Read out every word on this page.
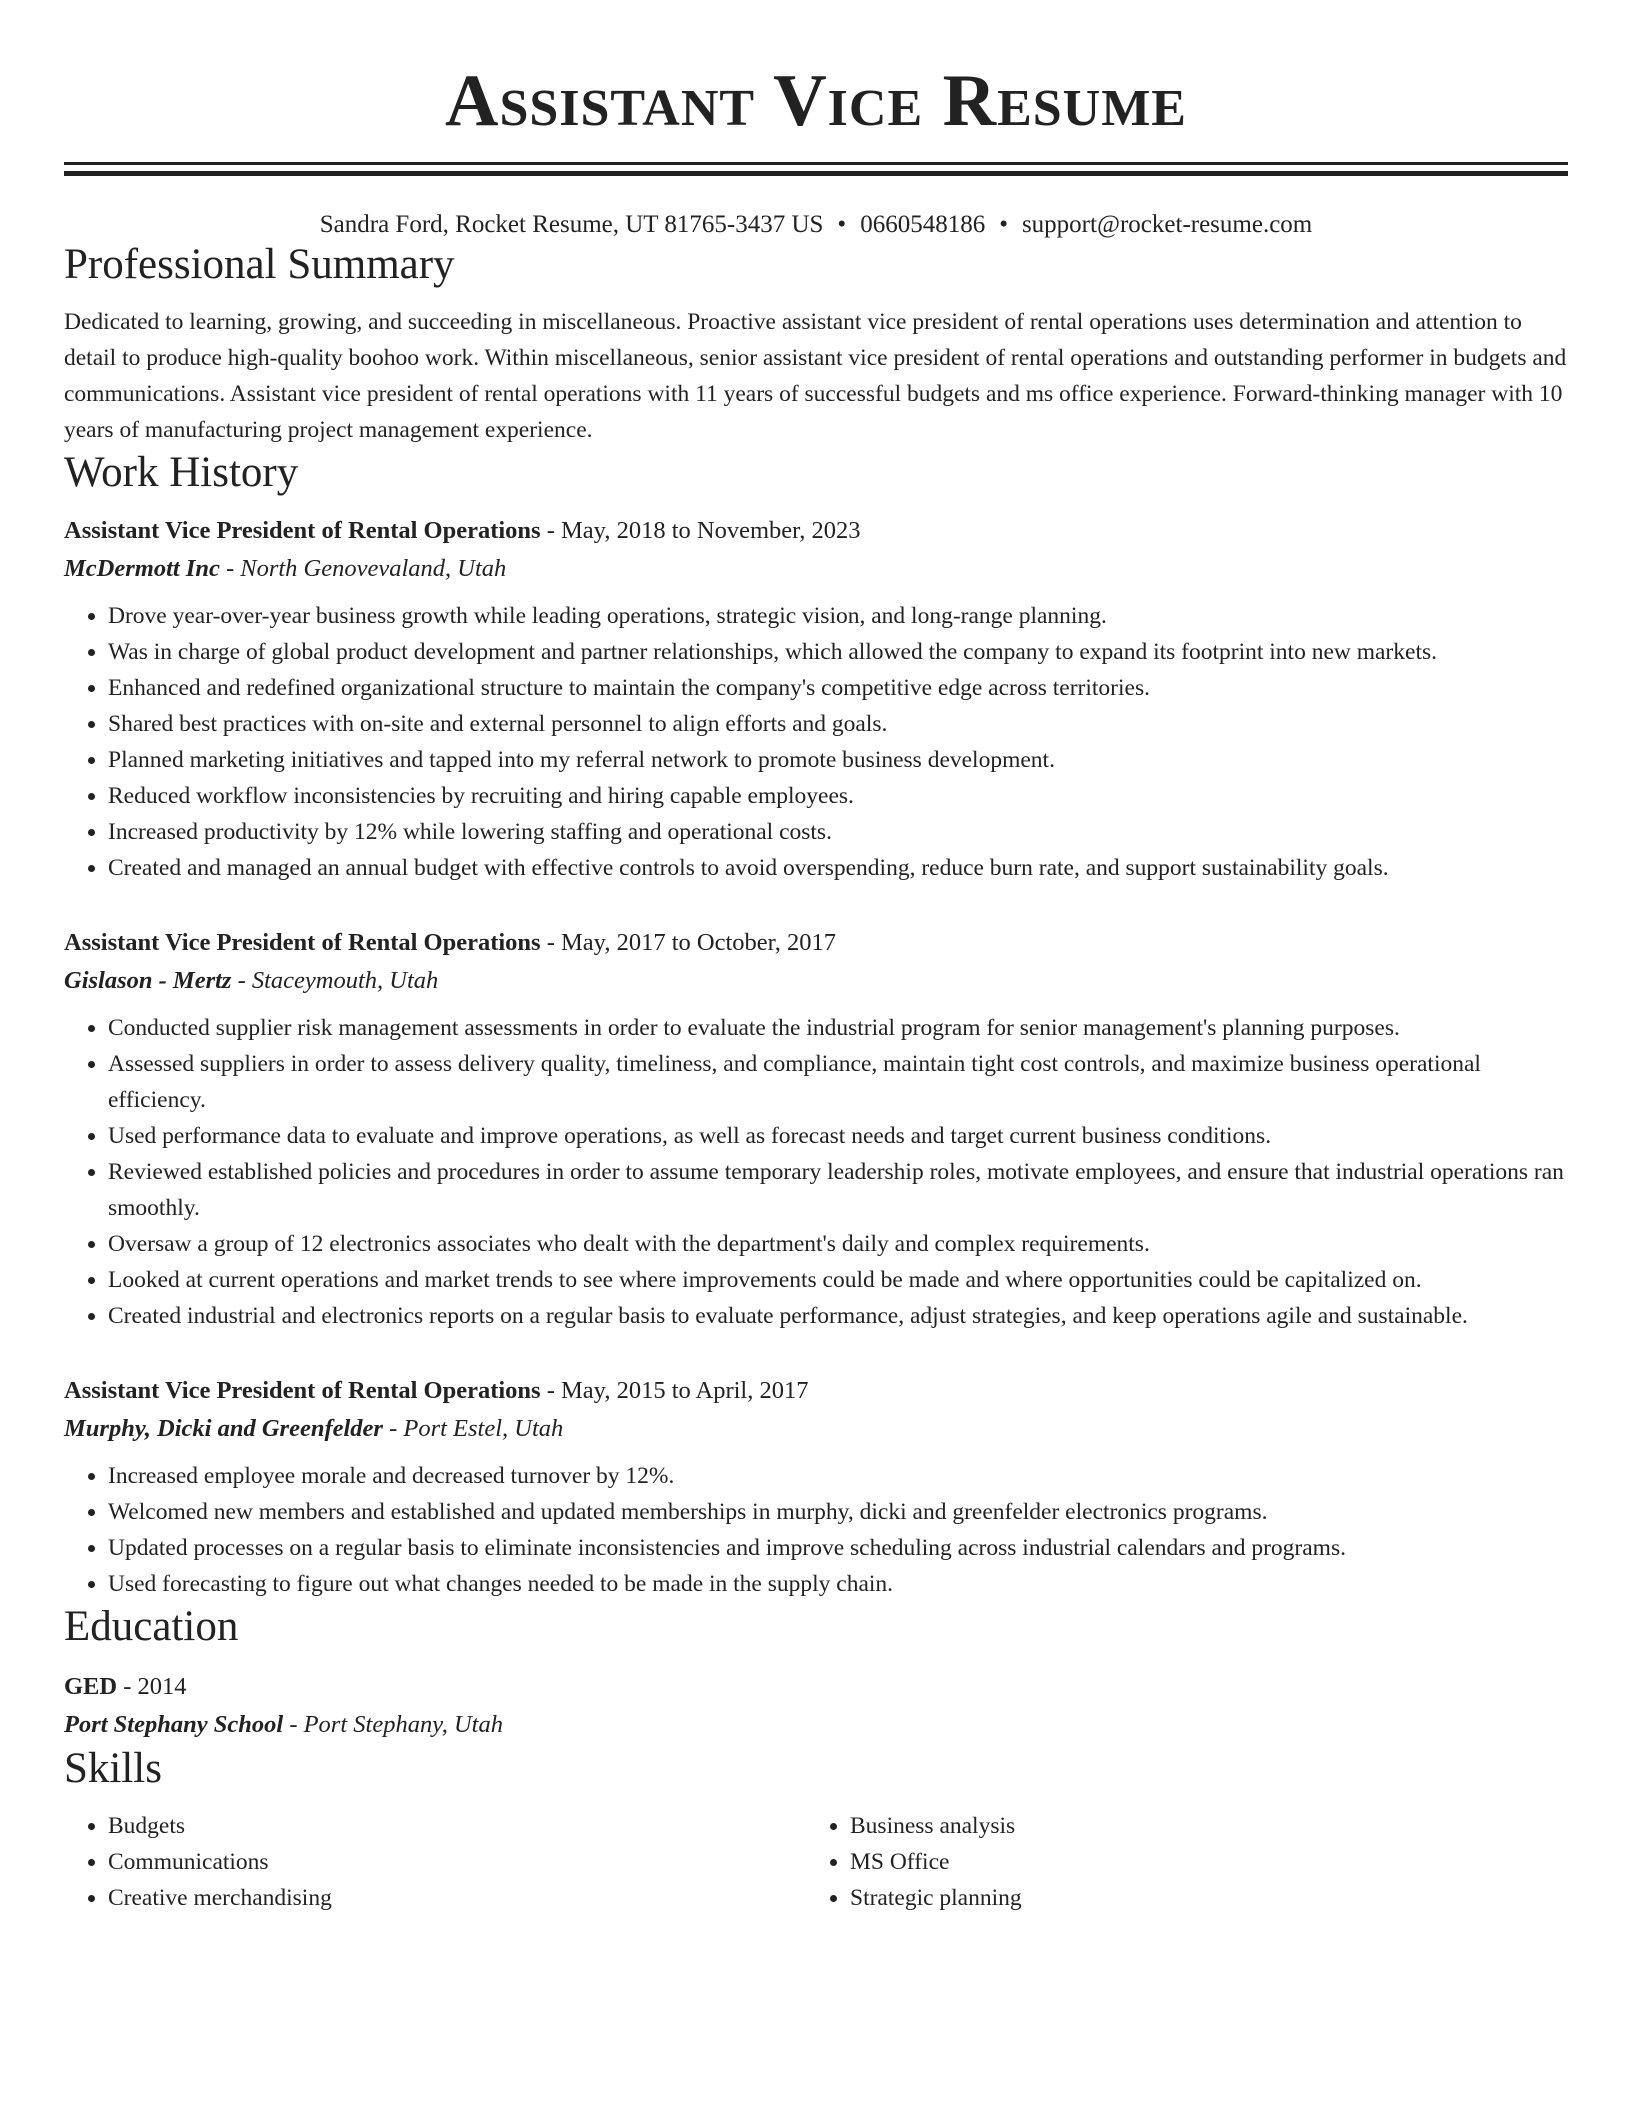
Assistant Vice Resume
Sandra Ford, Rocket Resume, UT 81765-3437 US • 0660548186 • support@rocket-resume.com
Professional Summary
Dedicated to learning, growing, and succeeding in miscellaneous. Proactive assistant vice president of rental operations uses determination and attention to detail to produce high-quality boohoo work. Within miscellaneous, senior assistant vice president of rental operations and outstanding performer in budgets and communications. Assistant vice president of rental operations with 11 years of successful budgets and ms office experience. Forward-thinking manager with 10 years of manufacturing project management experience.
Work History
Assistant Vice President of Rental Operations - May, 2018 to November, 2023
McDermott Inc - North Genovevaland, Utah
• Drove year-over-year business growth while leading operations, strategic vision, and long-range planning.
• Was in charge of global product development and partner relationships, which allowed the company to expand its footprint into new markets.
• Enhanced and redefined organizational structure to maintain the company's competitive edge across territories.
• Shared best practices with on-site and external personnel to align efforts and goals.
• Planned marketing initiatives and tapped into my referral network to promote business development.
• Reduced workflow inconsistencies by recruiting and hiring capable employees.
• Increased productivity by 12% while lowering staffing and operational costs.
• Created and managed an annual budget with effective controls to avoid overspending, reduce burn rate, and support sustainability goals.
Assistant Vice President of Rental Operations - May, 2017 to October, 2017
Gislason - Mertz - Staceymouth, Utah
• Conducted supplier risk management assessments in order to evaluate the industrial program for senior management's planning purposes.
• Assessed suppliers in order to assess delivery quality, timeliness, and compliance, maintain tight cost controls, and maximize business operational efficiency.
• Used performance data to evaluate and improve operations, as well as forecast needs and target current business conditions.
• Reviewed established policies and procedures in order to assume temporary leadership roles, motivate employees, and ensure that industrial operations ran smoothly.
• Oversaw a group of 12 electronics associates who dealt with the department's daily and complex requirements.
• Looked at current operations and market trends to see where improvements could be made and where opportunities could be capitalized on.
• Created industrial and electronics reports on a regular basis to evaluate performance, adjust strategies, and keep operations agile and sustainable.
Assistant Vice President of Rental Operations - May, 2015 to April, 2017
Murphy, Dicki and Greenfelder - Port Estel, Utah
• Increased employee morale and decreased turnover by 12%.
• Welcomed new members and established and updated memberships in murphy, dicki and greenfelder electronics programs.
• Updated processes on a regular basis to eliminate inconsistencies and improve scheduling across industrial calendars and programs.
• Used forecasting to figure out what changes needed to be made in the supply chain.
Education
GED - 2014
Port Stephany School - Port Stephany, Utah
Skills
• Budgets
• Communications
• Creative merchandising
• Business analysis
• MS Office
• Strategic planning
